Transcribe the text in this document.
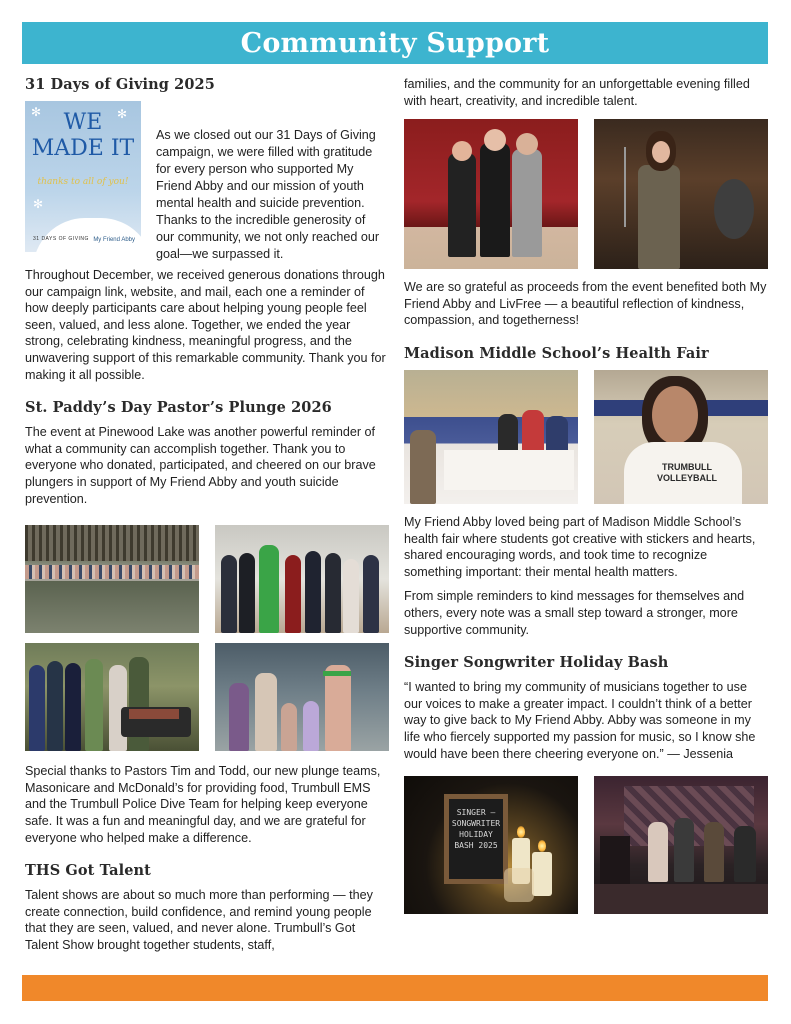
Community Support
31 Days of Giving 2025
✻	✻
✻
WE
MADE IT
thanks to all of you!
31 DAYS OF GIVING My Friend Abby

As we closed out our 31 Days of Giving campaign, we were filled with gratitude for every person who supported My Friend Abby and our mission of youth mental health and suicide prevention. Thanks to the incredible generosity of our community, we not only reached our goal—we surpassed it.

Throughout December, we received generous donations through our campaign link, website, and mail, each one a reminder of how deeply participants care about helping young people feel seen, valued, and less alone. Together, we ended the year strong, celebrating kindness, meaningful progress, and the unwavering support of this remarkable community. Thank you for making it all possible.

St. Paddy’s Day Pastor’s Plunge 2026

The event at Pinewood Lake was another powerful reminder of what a community can accomplish together. Thank you to everyone who donated, participated, and cheered on our brave plungers in support of My Friend Abby and youth suicide prevention.

Special thanks to Pastors Tim and Todd, our new plunge teams, Masonicare and McDonald’s for providing food, Trumbull EMS and the Trumbull Police Dive Team for helping keep everyone safe. It was a fun and meaningful day, and we are grateful for everyone who helped make a difference.

THS Got Talent

Talent shows are about so much more than performing — they create connection, build confidence, and remind young people that they are seen, valued, and never alone. Trumbull’s Got Talent Show brought together students, staff,

families, and the community for an unforgettable evening filled with heart, creativity, and incredible talent.

We are so grateful as proceeds from the event benefited both My Friend Abby and LivFree — a beautiful reflection of kindness, compassion, and togetherness!

Madison Middle School’s Health Fair
TRUMBULL VOLLEYBALL

My Friend Abby loved being part of Madison Middle School’s health fair where students got creative with stickers and hearts, shared encouraging words, and took time to recognize something important: their mental health matters.

From simple reminders to kind messages for themselves and others, every note was a small step toward a stronger, more supportive community.

Singer Songwriter Holiday Bash

“I wanted to bring my community of musicians together to use our voices to make a greater impact. I couldn’t think of a better way to give back to My Friend Abby. Abby was someone in my life who fiercely supported my passion for music, so I know she would have been there cheering everyone on.” — Jessenia

SINGER — SONGWRITER HOLIDAY BASH 2025
